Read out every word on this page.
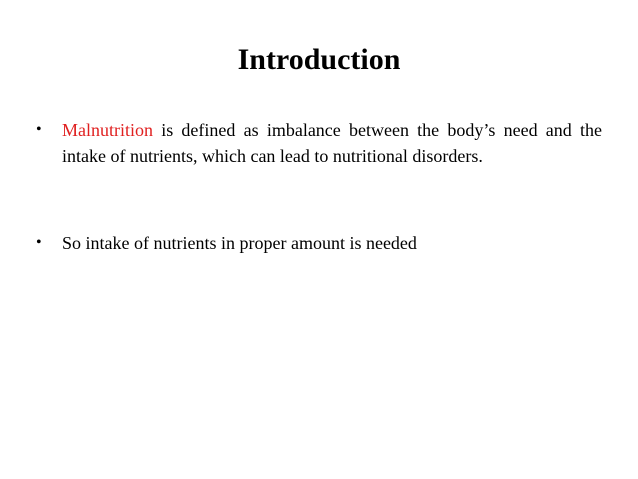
Introduction
•	Malnutrition is defined as imbalance between the body’s need and the intake of nutrients, which can lead to nutritional disorders.
•	So intake of nutrients in proper amount is needed
